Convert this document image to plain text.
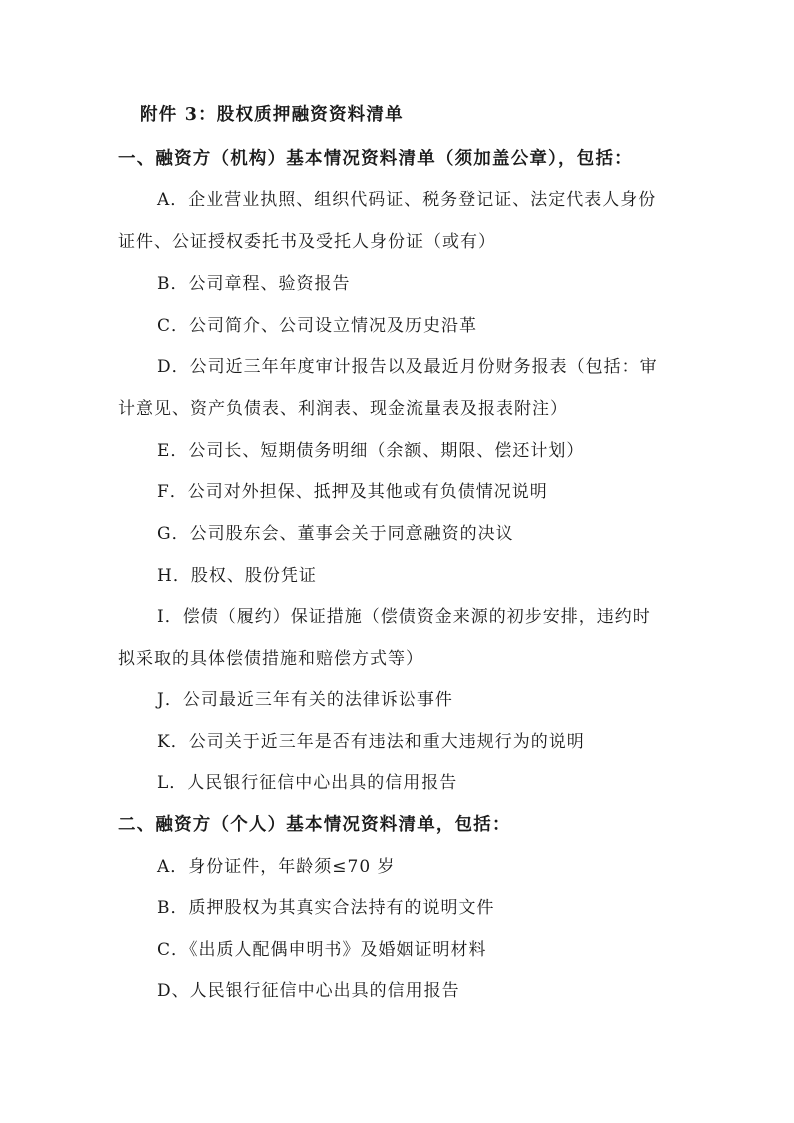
附件 3：股权质押融资资料清单
一、融资方（机构）基本情况资料清单（须加盖公章），包括：
A．企业营业执照、组织代码证、税务登记证、法定代表人身份
证件、公证授权委托书及受托人身份证（或有）
B．公司章程、验资报告
C．公司简介、公司设立情况及历史沿革
D．公司近三年年度审计报告以及最近月份财务报表（包括：审
计意见、资产负债表、利润表、现金流量表及报表附注）
E．公司长、短期债务明细（余额、期限、偿还计划）
F．公司对外担保、抵押及其他或有负债情况说明
G．公司股东会、董事会关于同意融资的决议
H．股权、股份凭证
I．偿债（履约）保证措施（偿债资金来源的初步安排，违约时
拟采取的具体偿债措施和赔偿方式等）
J．公司最近三年有关的法律诉讼事件
K．公司关于近三年是否有违法和重大违规行为的说明
L．人民银行征信中心出具的信用报告
二、融资方（个人）基本情况资料清单，包括：
A．身份证件，年龄须≤70 岁
B．质押股权为其真实合法持有的说明文件
C．《出质人配偶申明书》及婚姻证明材料
D、人民银行征信中心出具的信用报告
